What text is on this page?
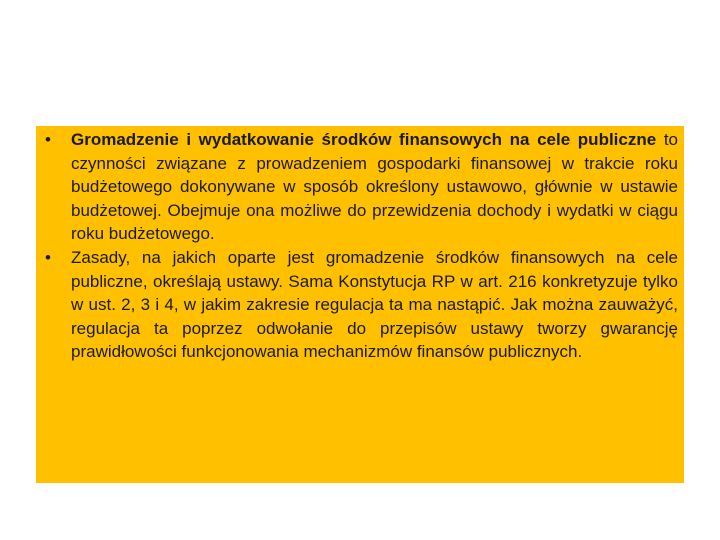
• Gromadzenie i wydatkowanie środków finansowych na cele publiczne to czynności związane z prowadzeniem gospodarki finansowej w trakcie roku budżetowego dokonywane w sposób określony ustawowo, głównie w ustawie budżetowej. Obejmuje ona możliwe do przewidzenia dochody i wydatki w ciągu roku budżetowego.
• Zasady, na jakich oparte jest gromadzenie środków finansowych na cele publiczne, określają ustawy. Sama Konstytucja RP w art. 216 konkretyzuje tylko w ust. 2, 3 i 4, w jakim zakresie regulacja ta ma nastąpić. Jak można zauważyć, regulacja ta poprzez odwołanie do przepisów ustawy tworzy gwarancję prawidłowości funkcjonowania mechanizmów finansów publicznych.
